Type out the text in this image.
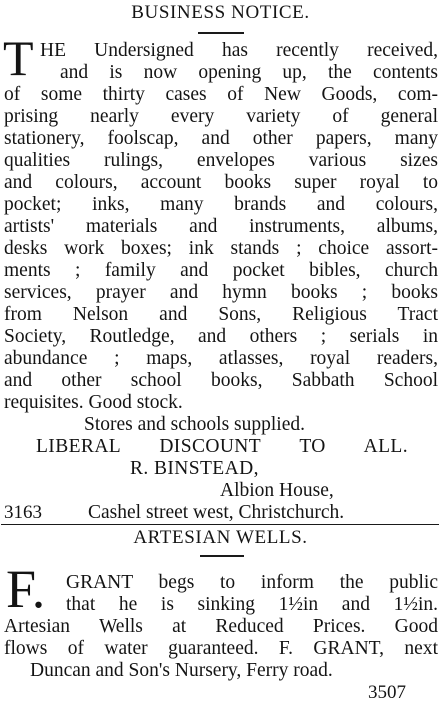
BUSINESS NOTICE.
T HE Undersigned has recently received,
and is now opening up, the contents
of some thirty cases of New Goods, com-
prising nearly every variety of general
stationery, foolscap, and other papers, many
qualities rulings, envelopes various sizes
and colours, account books super royal to
pocket; inks, many brands and colours,
artists' materials and instruments, albums,
desks work boxes; ink stands ; choice assort-
ments ; family and pocket bibles, church
services, prayer and hymn books ; books
from Nelson and Sons, Religious Tract
Society, Routledge, and others ; serials in
abundance ; maps, atlasses, royal readers,
and other school books, Sabbath School
requisites. Good stock.
Stores and schools supplied.
LIBERAL DISCOUNT TO ALL.
R. BINSTEAD,
Albion House,
3163 Cashel street west, Christchurch.
ARTESIAN WELLS.
F. GRANT begs to inform the public
that he is sinking 1½in and 1½in.
Artesian Wells at Reduced Prices. Good
flows of water guaranteed. F. GRANT, next
Duncan and Son's Nursery, Ferry road.
3507
